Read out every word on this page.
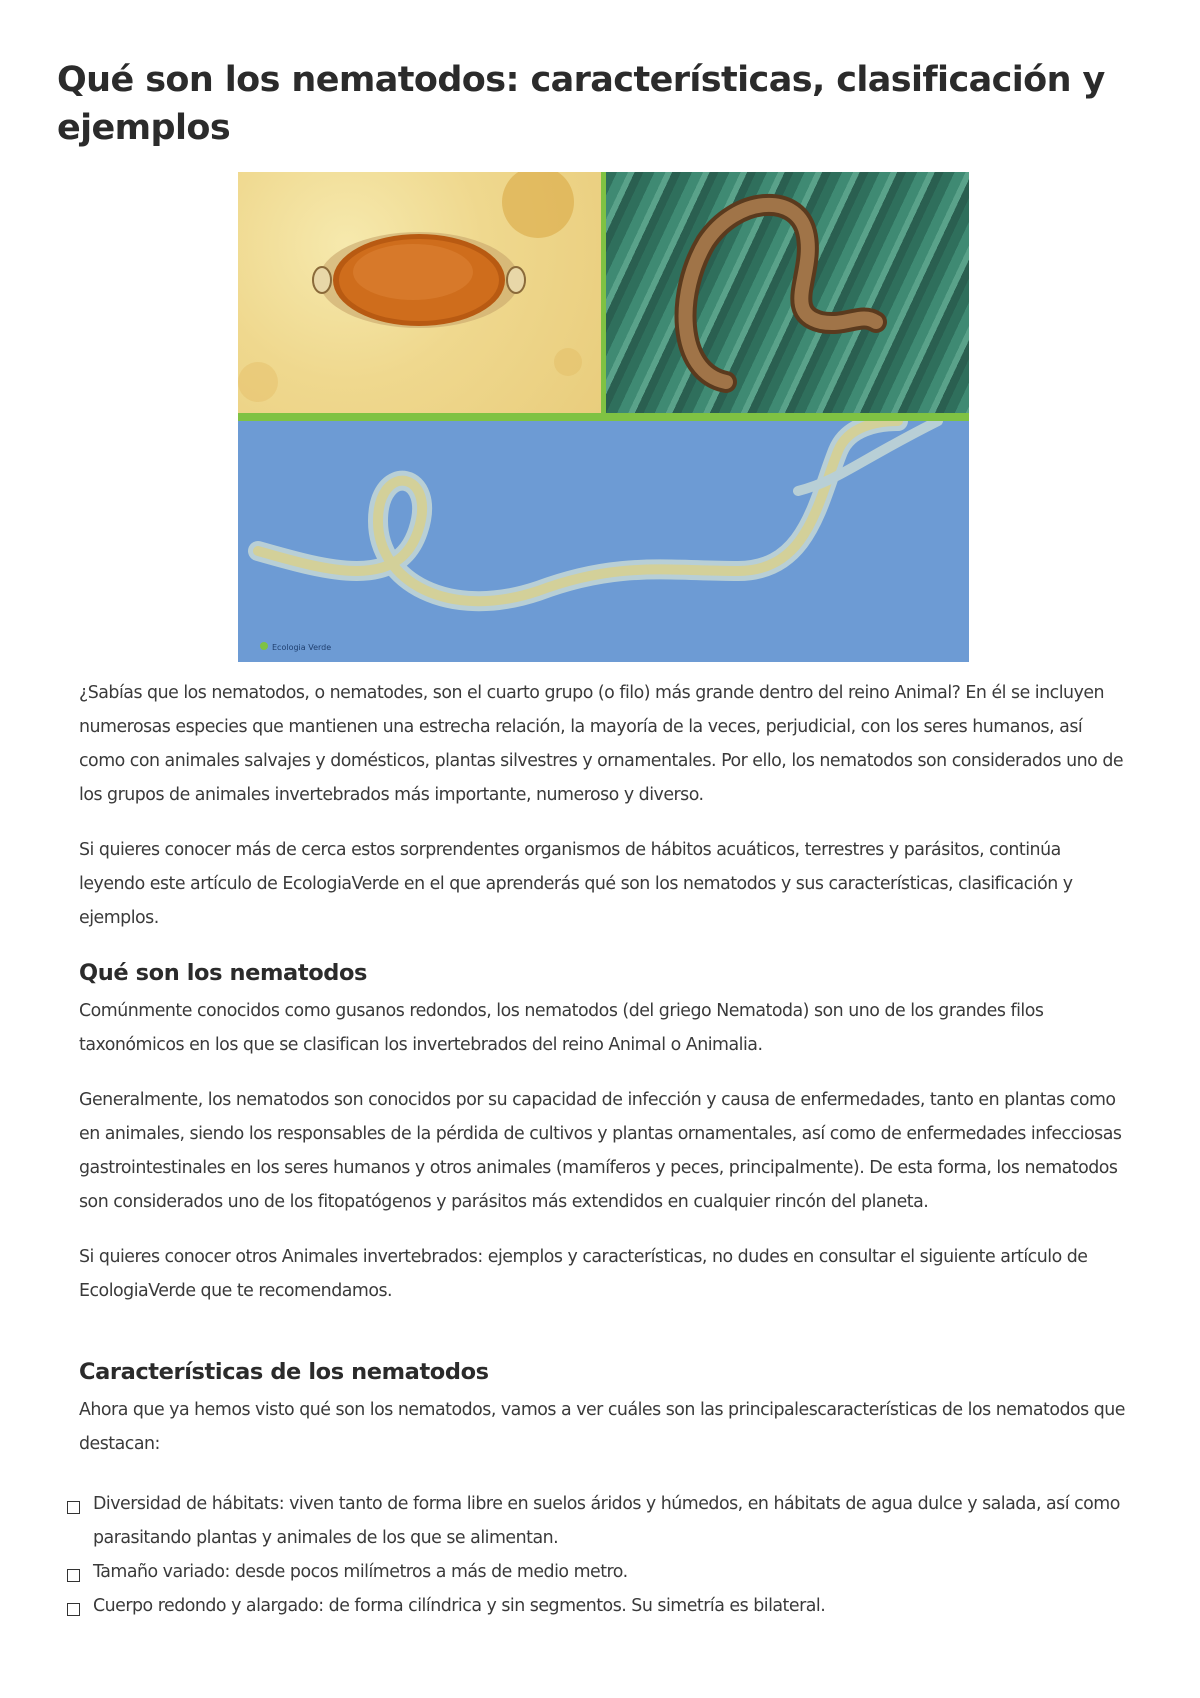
Qué son los nematodos: características, clasificación y ejemplos
Ecologia Verde

¿Sabías que los nematodos, o nematodes, son el cuarto grupo (o filo) más grande dentro del reino Animal? En él se incluyen numerosas especies que mantienen una estrecha relación, la mayoría de la veces, perjudicial, con los seres humanos, así como con animales salvajes y domésticos, plantas silvestres y ornamentales. Por ello, los nematodos son considerados uno de los grupos de animales invertebrados más importante, numeroso y diverso.

Si quieres conocer más de cerca estos sorprendentes organismos de hábitos acuáticos, terrestres y parásitos, continúa leyendo este artículo de EcologiaVerde en el que aprenderás qué son los nematodos y sus características, clasificación y ejemplos.

Qué son los nematodos

Comúnmente conocidos como gusanos redondos, los nematodos (del griego Nematoda) son uno de los grandes filos taxonómicos en los que se clasifican los invertebrados del reino Animal o Animalia.

Generalmente, los nematodos son conocidos por su capacidad de infección y causa de enfermedades, tanto en plantas como en animales, siendo los responsables de la pérdida de cultivos y plantas ornamentales, así como de enfermedades infecciosas gastrointestinales en los seres humanos y otros animales (mamíferos y peces, principalmente). De esta forma, los nematodos son considerados uno de los fitopatógenos y parásitos más extendidos en cualquier rincón del planeta.

Si quieres conocer otros Animales invertebrados: ejemplos y características, no dudes en consultar el siguiente artículo de EcologiaVerde que te recomendamos.

Características de los nematodos

Ahora que ya hemos visto qué son los nematodos, vamos a ver cuáles son las principalescaracterísticas de los nematodos que destacan:

Diversidad de hábitats: viven tanto de forma libre en suelos áridos y húmedos, en hábitats de agua dulce y salada, así como parasitando plantas y animales de los que se alimentan.
Tamaño variado: desde pocos milímetros a más de medio metro.
Cuerpo redondo y alargado: de forma cilíndrica y sin segmentos. Su simetría es bilateral.
